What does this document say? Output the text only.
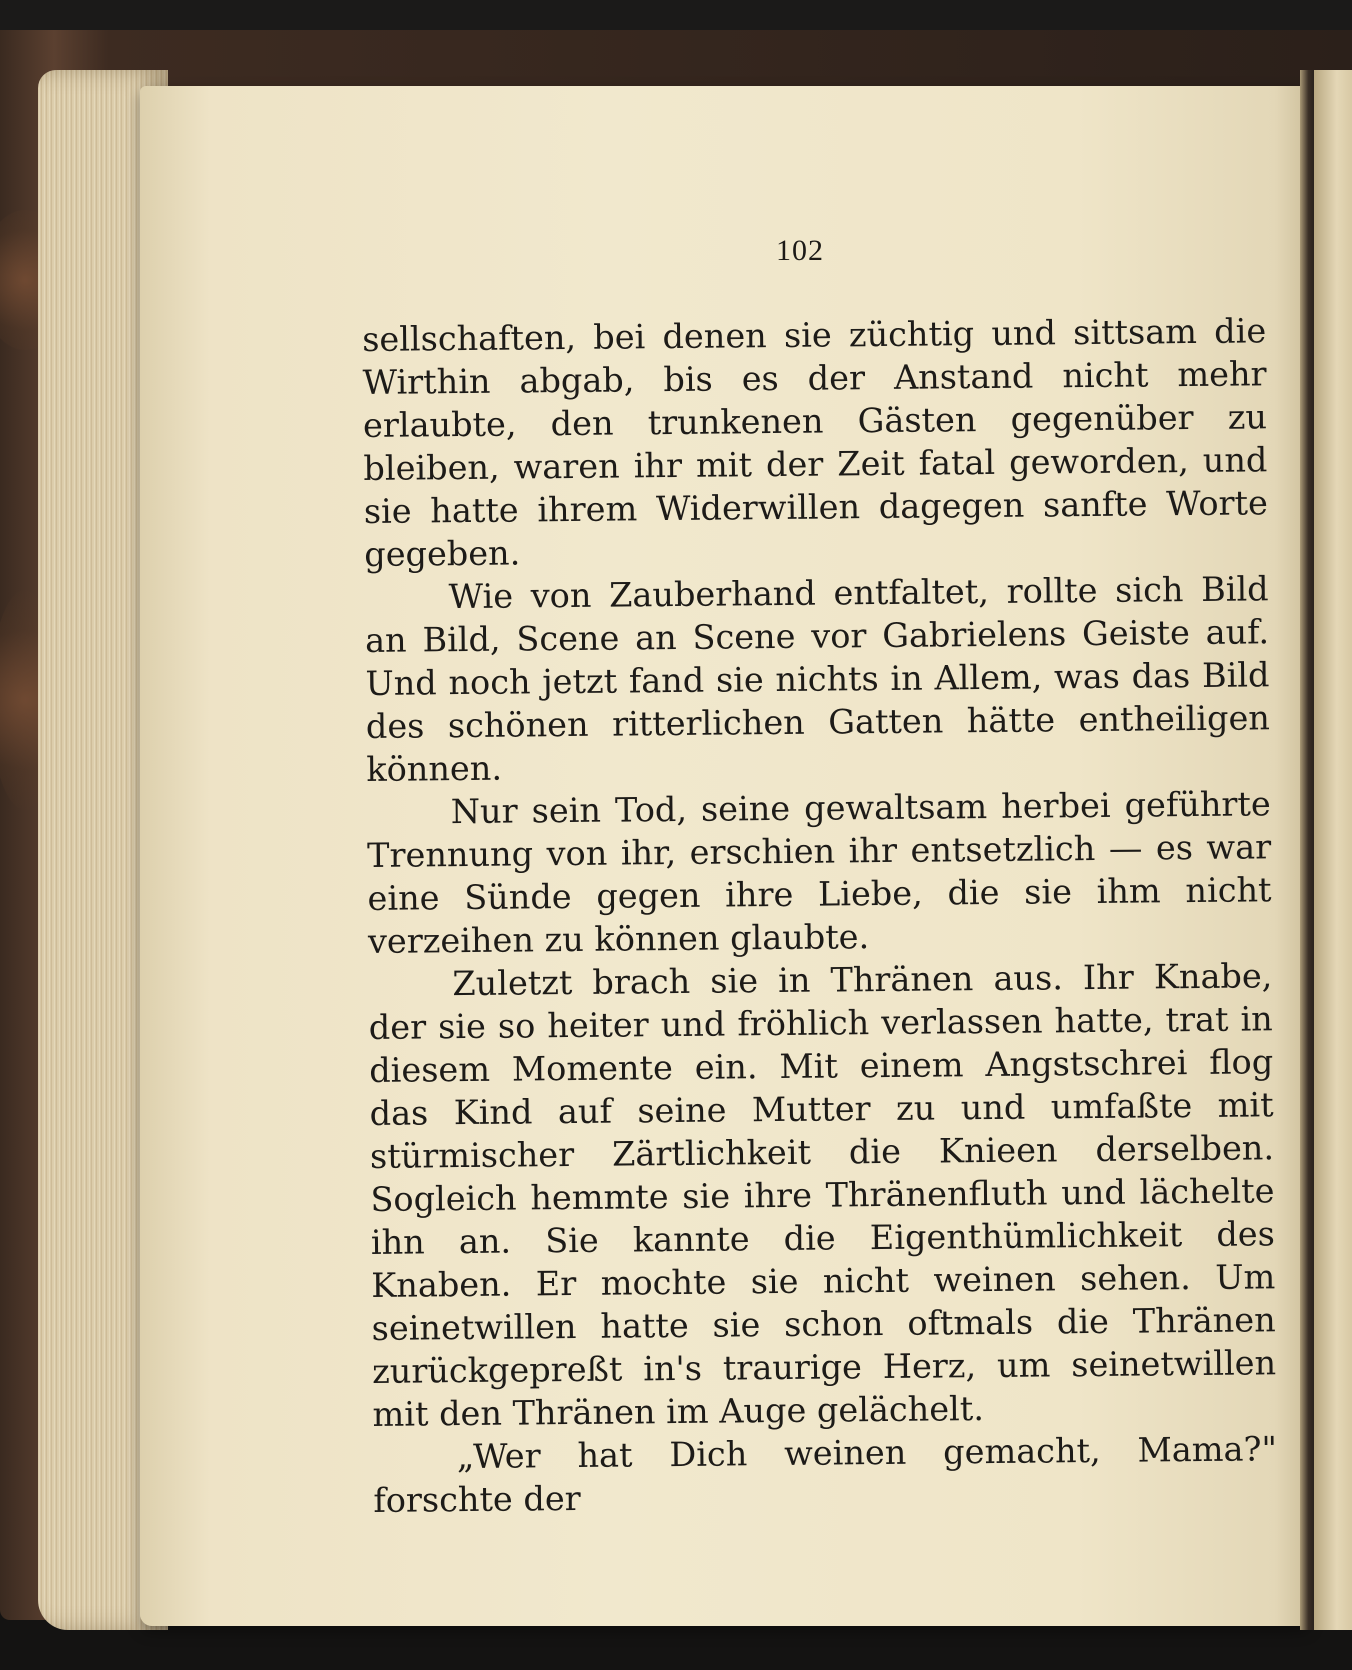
102

sellschaften, bei denen sie züchtig und sittsam die Wirthin abgab, bis es der Anstand nicht mehr erlaubte, den trunkenen Gästen gegenüber zu bleiben, waren ihr mit der Zeit fatal geworden, und sie hatte ihrem Widerwillen dagegen sanfte Worte gegeben.

Wie von Zauberhand entfaltet, rollte sich Bild an Bild, Scene an Scene vor Gabrielens Geiste auf. Und noch jetzt fand sie nichts in Allem, was das Bild des schönen ritterlichen Gatten hätte entheiligen können.

Nur sein Tod, seine gewaltsam herbei geführte Trennung von ihr, erschien ihr entsetzlich — es war eine Sünde gegen ihre Liebe, die sie ihm nicht verzeihen zu können glaubte.

Zuletzt brach sie in Thränen aus. Ihr Knabe, der sie so heiter und fröhlich verlassen hatte, trat in diesem Momente ein. Mit einem Angstschrei flog das Kind auf seine Mutter zu und umfaßte mit stürmischer Zärtlichkeit die Knieen derselben. Sogleich hemmte sie ihre Thränenfluth und lächelte ihn an. Sie kannte die Eigenthümlichkeit des Knaben. Er mochte sie nicht weinen sehen. Um seinetwillen hatte sie schon oftmals die Thränen zurückgepreßt in's traurige Herz, um seinetwillen mit den Thränen im Auge gelächelt.

„Wer hat Dich weinen gemacht, Mama?" forschte der
